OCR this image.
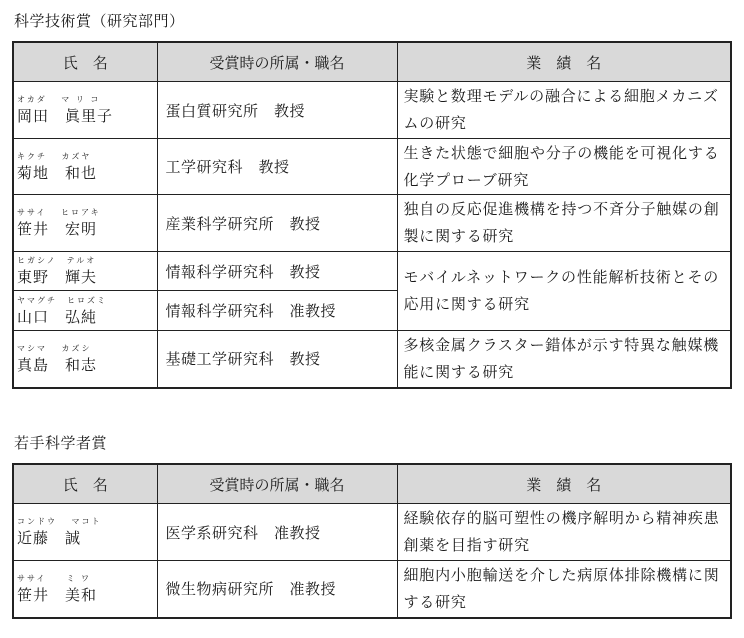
科学技術賞（研究部門）
氏　名	受賞時の所属・職名	業　績　名

オカダ　 マ リ コ
岡田　眞里子	蛋白質研究所　教授	実験と数理モデルの融合による細胞メカニズムの研究

キクチ　 カズヤ
菊地　和也	工学研究科　教授	生きた状態で細胞や分子の機能を可視化する化学プローブ研究

ササイ　 ヒロアキ
笹井　宏明	産業科学研究所　教授	独自の反応促進機構を持つ不斉分子触媒の創製に関する研究

ヒガシノ　テルオ
東野　輝夫	情報科学研究科　教授	モバイルネットワークの性能解析技術とその応用に関する研究

ヤマグチ　ヒロズミ
山口　弘純	情報科学研究科　准教授	

マシマ　 カズシ
真島　和志	基礎工学研究科　教授	多核金属クラスター錯体が示す特異な触媒機能に関する研究
若手科学者賞
氏　名	受賞時の所属・職名	業　績　名

コンドウ　 マコト
近藤　誠	医学系研究科　准教授	経験依存的脳可塑性の機序解明から精神疾患創薬を目指す研究

ササイ　　ミ ワ
笹井　美和	微生物病研究所　准教授	細胞内小胞輸送を介した病原体排除機構に関する研究
